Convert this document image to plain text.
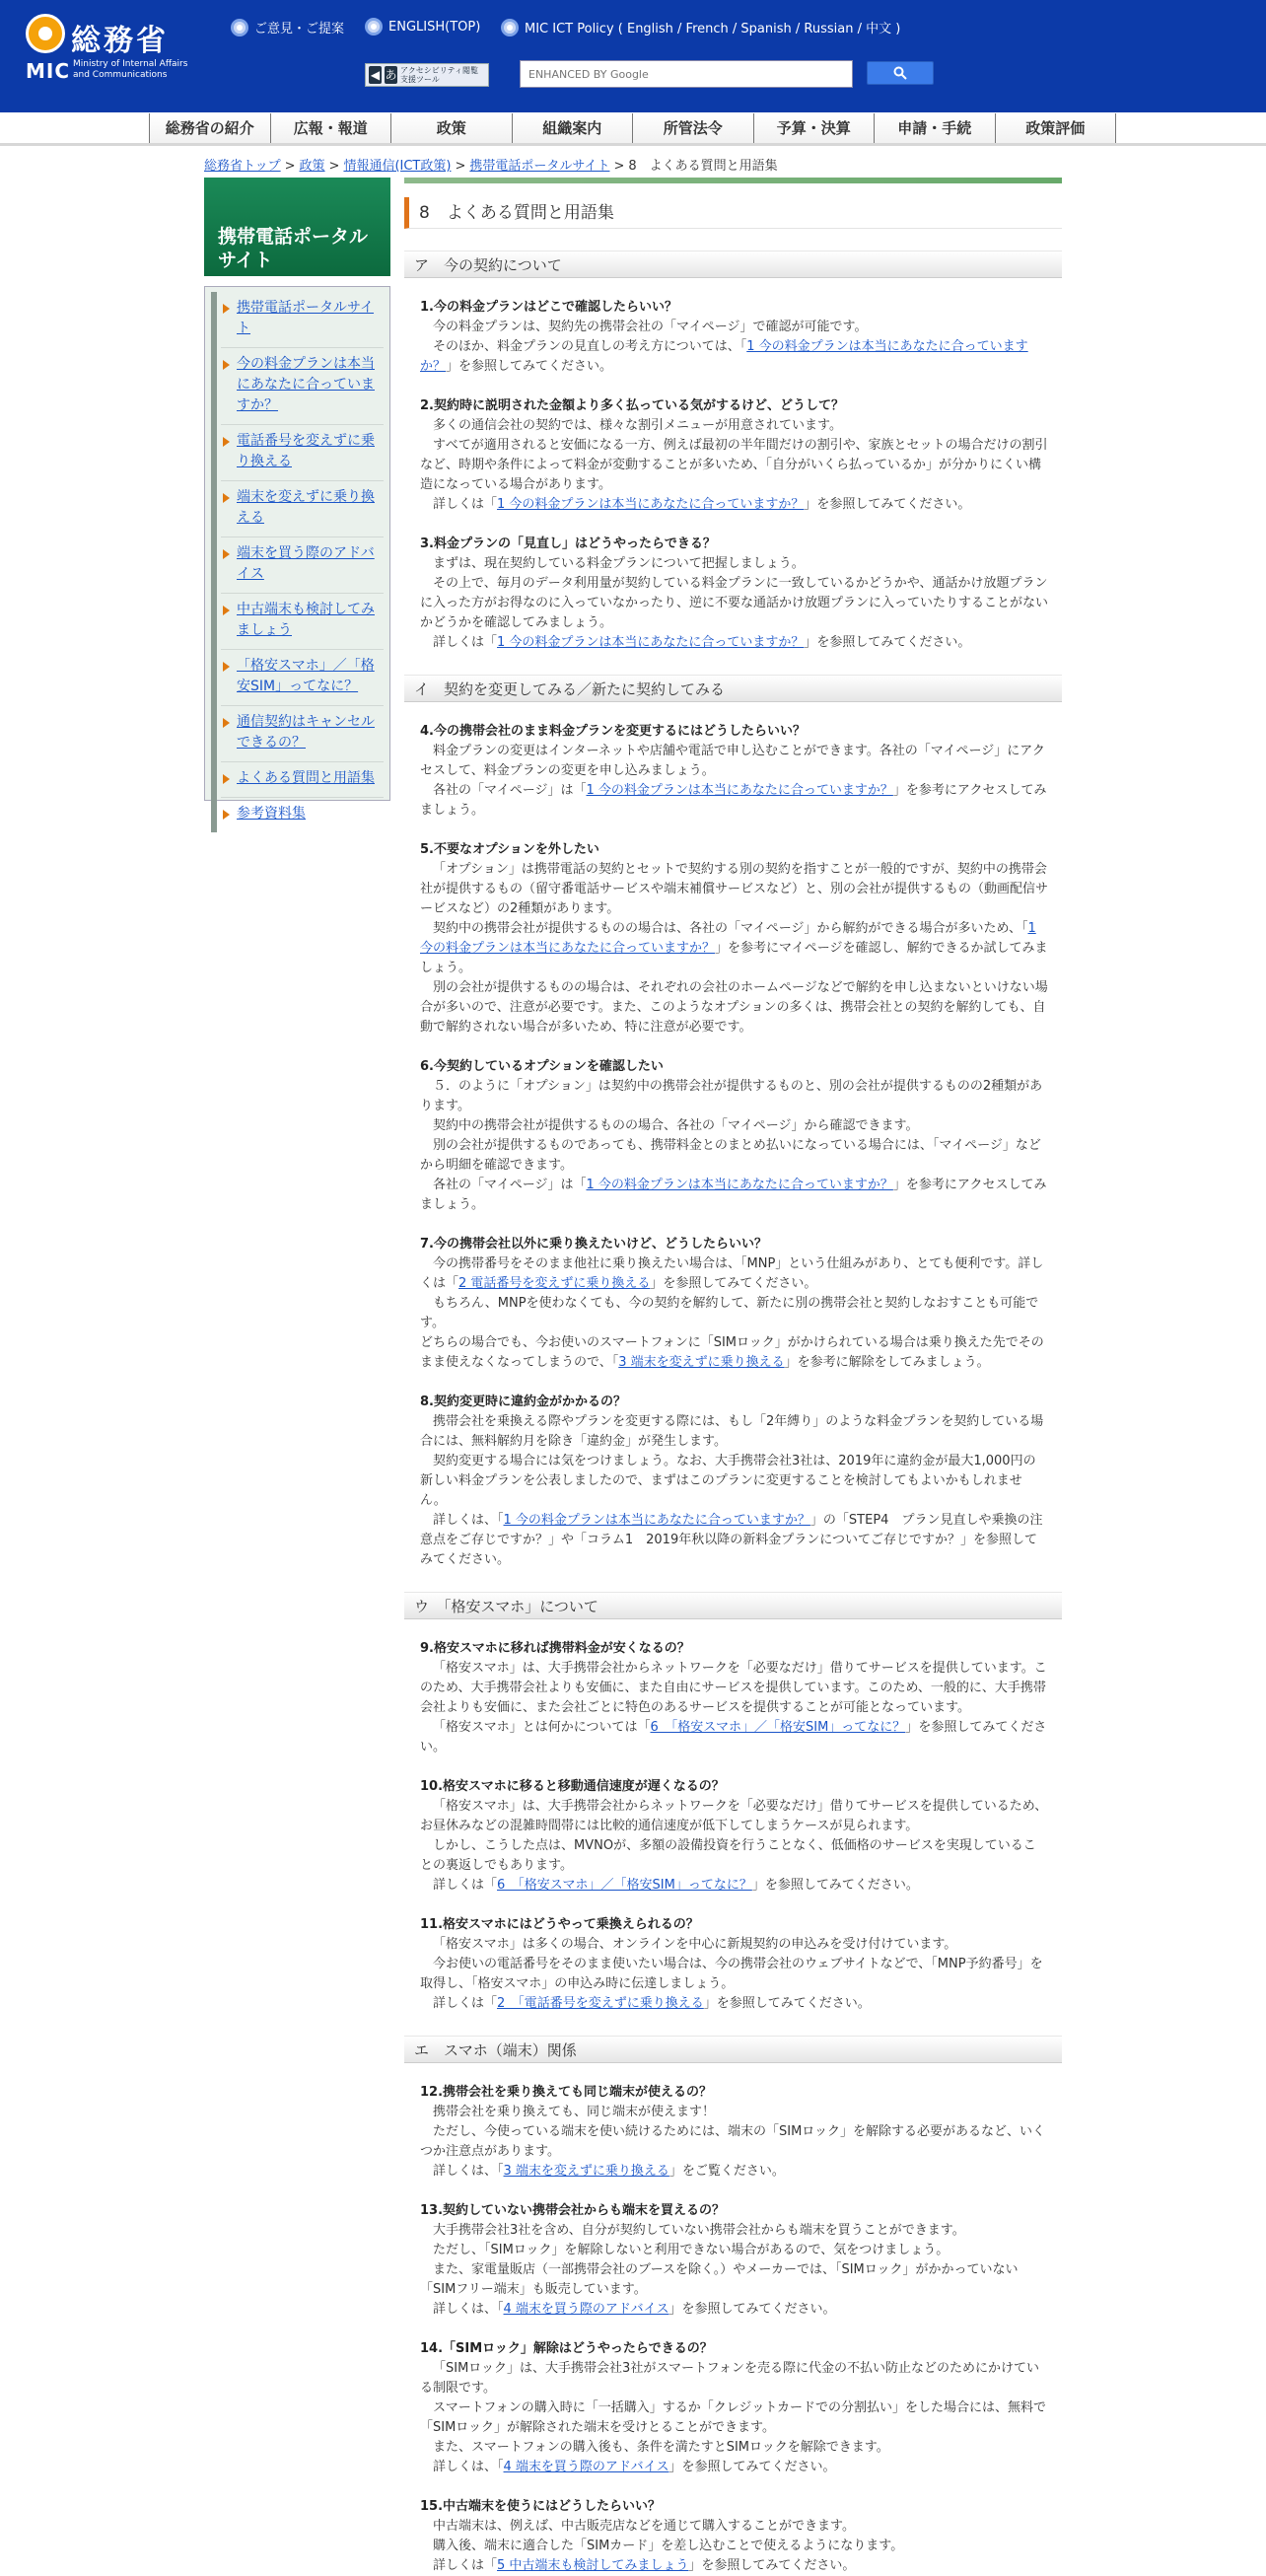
総務省
MIC Ministry of Internal Affairs and Communications
ご意見・ご提案	ENGLISH(TOP)	MIC ICT Policy ( English / French / Spanish / Russian / 中文 )
◀ あ アクセシビリティ閲覧支援ツール
ENHANCED BY Google
総務省の紹介	広報・報道	政策	組織案内	所管法令	予算・決算	申請・手続	政策評価
総務省トップ > 政策 > 情報通信(ICT政策) > 携帯電話ポータルサイト > 8　よくある質問と用語集
携帯電話ポータルサイト
携帯電話ポータルサイト
今の料金プランは本当にあなたに合っていますか？
電話番号を変えずに乗り換える
端末を変えずに乗り換える
端末を買う際のアドバイス
中古端末も検討してみましょう
「格安スマホ」／「格安SIM」ってなに？
通信契約はキャンセルできるの？
よくある質問と用語集
参考資料集
8　よくある質問と用語集
ア　今の契約について
1.今の料金プランはどこで確認したらいい？

今の料金プランは、契約先の携帯会社の「マイページ」で確認が可能です。

そのほか、料金プランの見直しの考え方については、「1 今の料金プランは本当にあなたに合っていますか？」を参照してみてください。

2.契約時に説明された金額より多く払っている気がするけど、どうして？

多くの通信会社の契約では、様々な割引メニューが用意されています。

すべてが適用されると安価になる一方、例えば最初の半年間だけの割引や、家族とセットの場合だけの割引など、時期や条件によって料金が変動することが多いため、「自分がいくら払っているか」が分かりにくい構造になっている場合があります。

詳しくは「1 今の料金プランは本当にあなたに合っていますか？」を参照してみてください。

3.料金プランの「見直し」はどうやったらできる？

まずは、現在契約している料金プランについて把握しましょう。

その上で、毎月のデータ利用量が契約している料金プランに一致しているかどうかや、通話かけ放題プランに入った方がお得なのに入っていなかったり、逆に不要な通話かけ放題プランに入っていたりすることがないかどうかを確認してみましょう。

詳しくは「1 今の料金プランは本当にあなたに合っていますか？」を参照してみてください。

イ　契約を変更してみる／新たに契約してみる
4.今の携帯会社のまま料金プランを変更するにはどうしたらいい？

料金プランの変更はインターネットや店舗や電話で申し込むことができます。各社の「マイページ」にアクセスして、料金プランの変更を申し込みましょう。

各社の「マイページ」は「1 今の料金プランは本当にあなたに合っていますか？」を参考にアクセスしてみましょう。

5.不要なオプションを外したい

「オプション」は携帯電話の契約とセットで契約する別の契約を指すことが一般的ですが、契約中の携帯会社が提供するもの（留守番電話サービスや端末補償サービスなど）と、別の会社が提供するもの（動画配信サービスなど）の2種類があります。

契約中の携帯会社が提供するものの場合は、各社の「マイページ」から解約ができる場合が多いため、「1 今の料金プランは本当にあなたに合っていますか？」を参考にマイページを確認し、解約できるか試してみましょう。

別の会社が提供するものの場合は、それぞれの会社のホームページなどで解約を申し込まないといけない場合が多いので、注意が必要です。また、このようなオプションの多くは、携帯会社との契約を解約しても、自動で解約されない場合が多いため、特に注意が必要です。

6.今契約しているオプションを確認したい

５．のように「オプション」は契約中の携帯会社が提供するものと、別の会社が提供するものの2種類があります。

契約中の携帯会社が提供するものの場合、各社の「マイページ」から確認できます。

別の会社が提供するものであっても、携帯料金とのまとめ払いになっている場合には、「マイページ」などから明細を確認できます。

各社の「マイページ」は「1 今の料金プランは本当にあなたに合っていますか？」を参考にアクセスしてみましょう。

7.今の携帯会社以外に乗り換えたいけど、どうしたらいい？

今の携帯番号をそのまま他社に乗り換えたい場合は、「MNP」という仕組みがあり、とても便利です。詳しくは「2 電話番号を変えずに乗り換える」を参照してみてください。

もちろん、MNPを使わなくても、今の契約を解約して、新たに別の携帯会社と契約しなおすことも可能です。

どちらの場合でも、今お使いのスマートフォンに「SIMロック」がかけられている場合は乗り換えた先でそのまま使えなくなってしまうので、「3 端末を変えずに乗り換える」を参考に解除をしてみましょう。

8.契約変更時に違約金がかかるの？

携帯会社を乗換える際やプランを変更する際には、もし「2年縛り」のような料金プランを契約している場合には、無料解約月を除き「違約金」が発生します。

契約変更する場合には気をつけましょう。なお、大手携帯会社3社は、2019年に違約金が最大1,000円の新しい料金プランを公表しましたので、まずはこのプランに変更することを検討してもよいかもしれません。

詳しくは、「1 今の料金プランは本当にあなたに合っていますか？」の「STEP4　プラン見直しや乗換の注意点をご存じですか？」や「コラム1　2019年秋以降の新料金プランについてご存じですか？」を参照してみてください。

ウ　「格安スマホ」について
9.格安スマホに移れば携帯料金が安くなるの？

「格安スマホ」は、大手携帯会社からネットワークを「必要なだけ」借りてサービスを提供しています。このため、大手携帯会社よりも安価に、また自由にサービスを提供しています。このため、一般的に、大手携帯会社よりも安価に、また会社ごとに特色のあるサービスを提供することが可能となっています。

「格安スマホ」とは何かについては「6　「格安スマホ」／「格安SIM」ってなに？」を参照してみてください。

10.格安スマホに移ると移動通信速度が遅くなるの？

「格安スマホ」は、大手携帯会社からネットワークを「必要なだけ」借りてサービスを提供しているため、お昼休みなどの混雑時間帯には比較的通信速度が低下してしまうケースが見られます。

しかし、こうした点は、MVNOが、多額の設備投資を行うことなく、低価格のサービスを実現していることの裏返しでもあります。

詳しくは「6　「格安スマホ」／「格安SIM」ってなに？」を参照してみてください。

11.格安スマホにはどうやって乗換えられるの？

「格安スマホ」は多くの場合、オンラインを中心に新規契約の申込みを受け付けています。

今お使いの電話番号をそのまま使いたい場合は、今の携帯会社のウェブサイトなどで、「MNP予約番号」を取得し、「格安スマホ」の申込み時に伝達しましょう。

詳しくは「2　「電話番号を変えずに乗り換える」を参照してみてください。

エ　スマホ（端末）関係
12.携帯会社を乗り換えても同じ端末が使えるの？

携帯会社を乗り換えても、同じ端末が使えます！

ただし、今使っている端末を使い続けるためには、端末の「SIMロック」を解除する必要があるなど、いくつか注意点があります。

詳しくは、「3 端末を変えずに乗り換える」をご覧ください。

13.契約していない携帯会社からも端末を買えるの？

大手携帯会社3社を含め、自分が契約していない携帯会社からも端末を買うことができます。

ただし、「SIMロック」を解除しないと利用できない場合があるので、気をつけましょう。

また、家電量販店（一部携帯会社のブースを除く。）やメーカーでは、「SIMロック」がかかっていない「SIMフリー端末」も販売しています。

詳しくは、「4 端末を買う際のアドバイス」を参照してみてください。

14.「SIMロック」解除はどうやったらできるの？

「SIMロック」は、大手携帯会社3社がスマートフォンを売る際に代金の不払い防止などのためにかけている制限です。

スマートフォンの購入時に「一括購入」するか「クレジットカードでの分割払い」をした場合には、無料で「SIMロック」が解除された端末を受けとることができます。

また、スマートフォンの購入後も、条件を満たすとSIMロックを解除できます。

詳しくは、「4 端末を買う際のアドバイス」を参照してみてください。

15.中古端末を使うにはどうしたらいい？

中古端末は、例えば、中古販売店などを通じて購入することができます。

購入後、端末に適合した「SIMカード」を差し込むことで使えるようになります。

詳しくは「5 中古端末も検討してみましょう」を参照してみてください。
